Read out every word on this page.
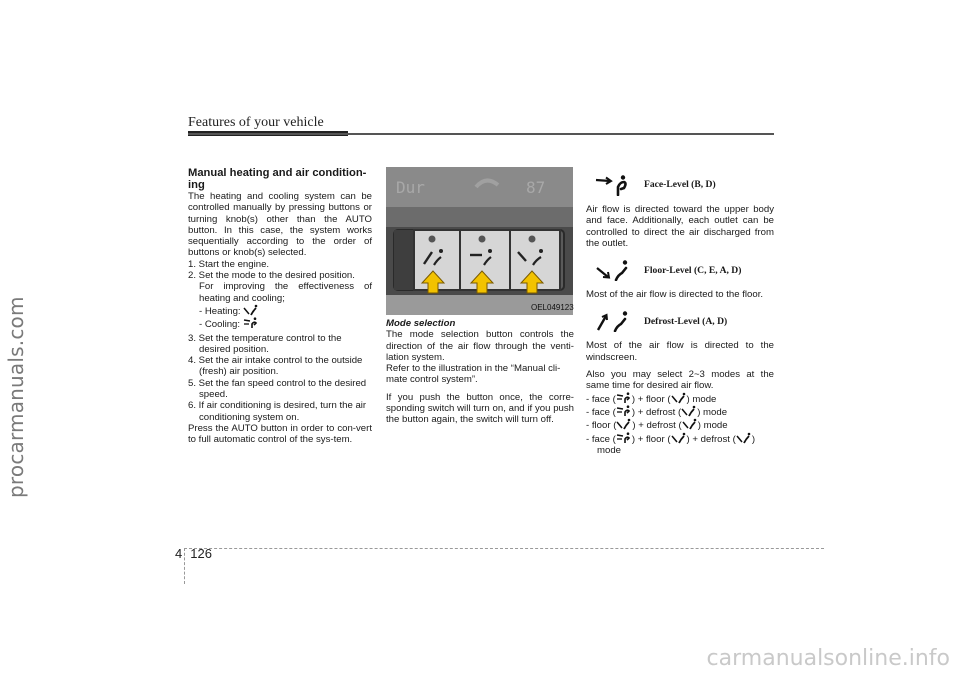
procarmanuals.com
Features of your vehicle

Manual heating and air condition-ing

The heating and cooling system can be controlled manually by pressing buttons or turning knob(s) other than the AUTO button. In this case, the system works sequentially according to the order of buttons or knob(s) selected.

1. Start the engine.

2. Set the mode to the desired position.

For improving the effectiveness of heating and cooling;

- Heating:

- Cooling:

3. Set the temperature control to the desired position.

4. Set the air intake control to the outside (fresh) air position.

5. Set the fan speed control to the desired speed.

6. If air conditioning is desired, turn the air conditioning system on.

Press the AUTO button in order to con-vert to full automatic control of the sys-tem.

Dur	87
OEL049123

Mode selection

The mode selection button controls the direction of the air flow through the venti-lation system.

Refer to the illustration in the “Manual cli-mate control system”.

If you push the button once, the corre-sponding switch will turn on, and if you push the button again, the switch will turn off.

Face-Level (B, D)

Air flow is directed toward the upper body and face. Additionally, each outlet can be controlled to direct the air discharged from the outlet.

Floor-Level (C, E, A, D)

Most of the air flow is directed to the floor.

Defrost-Level (A, D)

Most of the air flow is directed to the windscreen.

Also you may select 2~3 modes at the same time for desired air flow.

- face ( ) + floor ( ) mode

- face ( ) + defrost ( ) mode

- floor ( ) + defrost ( ) mode

- face ( ) + floor ( ) + defrost ( )

mode

4 126
carmanualsonline.info
